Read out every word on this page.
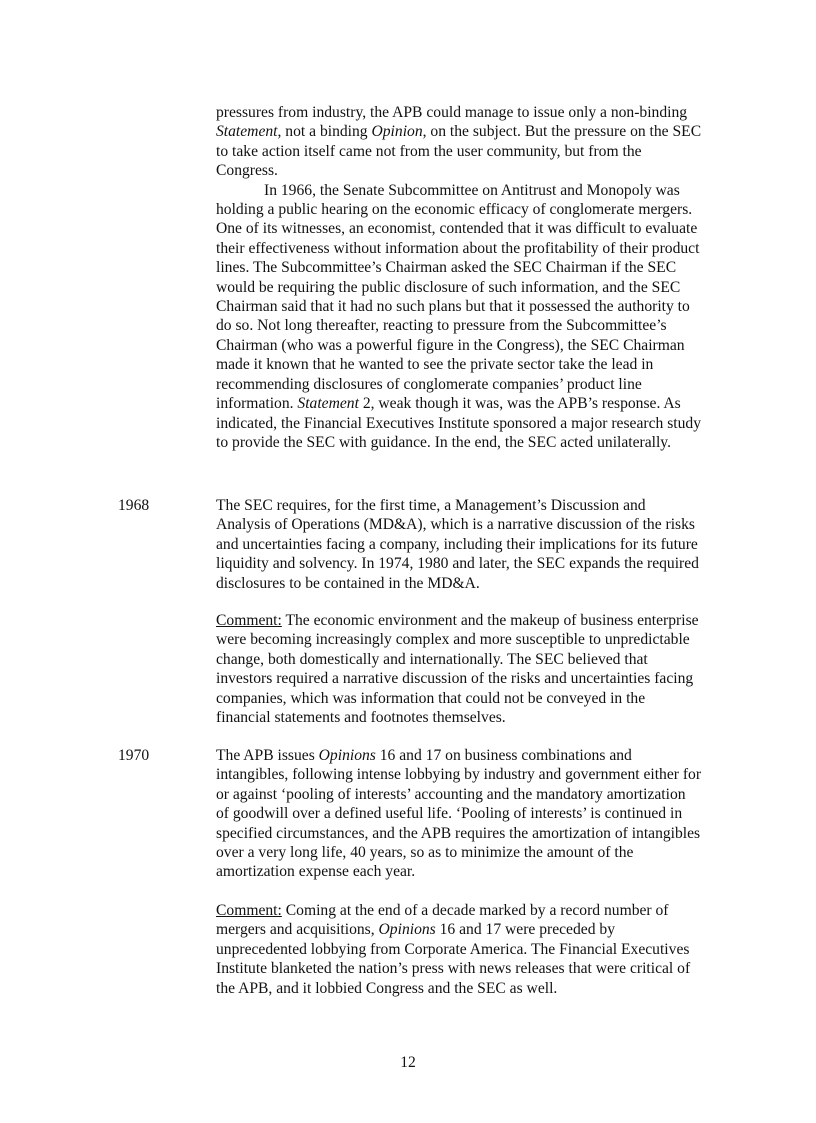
pressures from industry, the APB could manage to issue only a non-binding Statement, not a binding Opinion, on the subject. But the pressure on the SEC to take action itself came not from the user community, but from the Congress.

In 1966, the Senate Subcommittee on Antitrust and Monopoly was holding a public hearing on the economic efficacy of conglomerate mergers. One of its witnesses, an economist, contended that it was difficult to evaluate their effectiveness without information about the profitability of their product lines. The Subcommittee’s Chairman asked the SEC Chairman if the SEC would be requiring the public disclosure of such information, and the SEC Chairman said that it had no such plans but that it possessed the authority to do so. Not long thereafter, reacting to pressure from the Subcommittee’s Chairman (who was a powerful figure in the Congress), the SEC Chairman made it known that he wanted to see the private sector take the lead in recommending disclosures of conglomerate companies’ product line information. Statement 2, weak though it was, was the APB’s response. As indicated, the Financial Executives Institute sponsored a major research study to provide the SEC with guidance. In the end, the SEC acted unilaterally.

1968	The SEC requires, for the first time, a Management’s Discussion and Analysis of Operations (MD&A), which is a narrative discussion of the risks and uncertainties facing a company, including their implications for its future liquidity and solvency. In 1974, 1980 and later, the SEC expands the required disclosures to be contained in the MD&A.

Comment: The economic environment and the makeup of business enterprise were becoming increasingly complex and more susceptible to unpredictable change, both domestically and internationally. The SEC believed that investors required a narrative discussion of the risks and uncertainties facing companies, which was information that could not be conveyed in the financial statements and footnotes themselves.

1970	The APB issues Opinions 16 and 17 on business combinations and intangibles, following intense lobbying by industry and government either for or against ‘pooling of interests’ accounting and the mandatory amortization of goodwill over a defined useful life. ‘Pooling of interests’ is continued in specified circumstances, and the APB requires the amortization of intangibles over a very long life, 40 years, so as to minimize the amount of the amortization expense each year.

Comment: Coming at the end of a decade marked by a record number of mergers and acquisitions, Opinions 16 and 17 were preceded by unprecedented lobbying from Corporate America. The Financial Executives Institute blanketed the nation’s press with news releases that were critical of the APB, and it lobbied Congress and the SEC as well.

12
